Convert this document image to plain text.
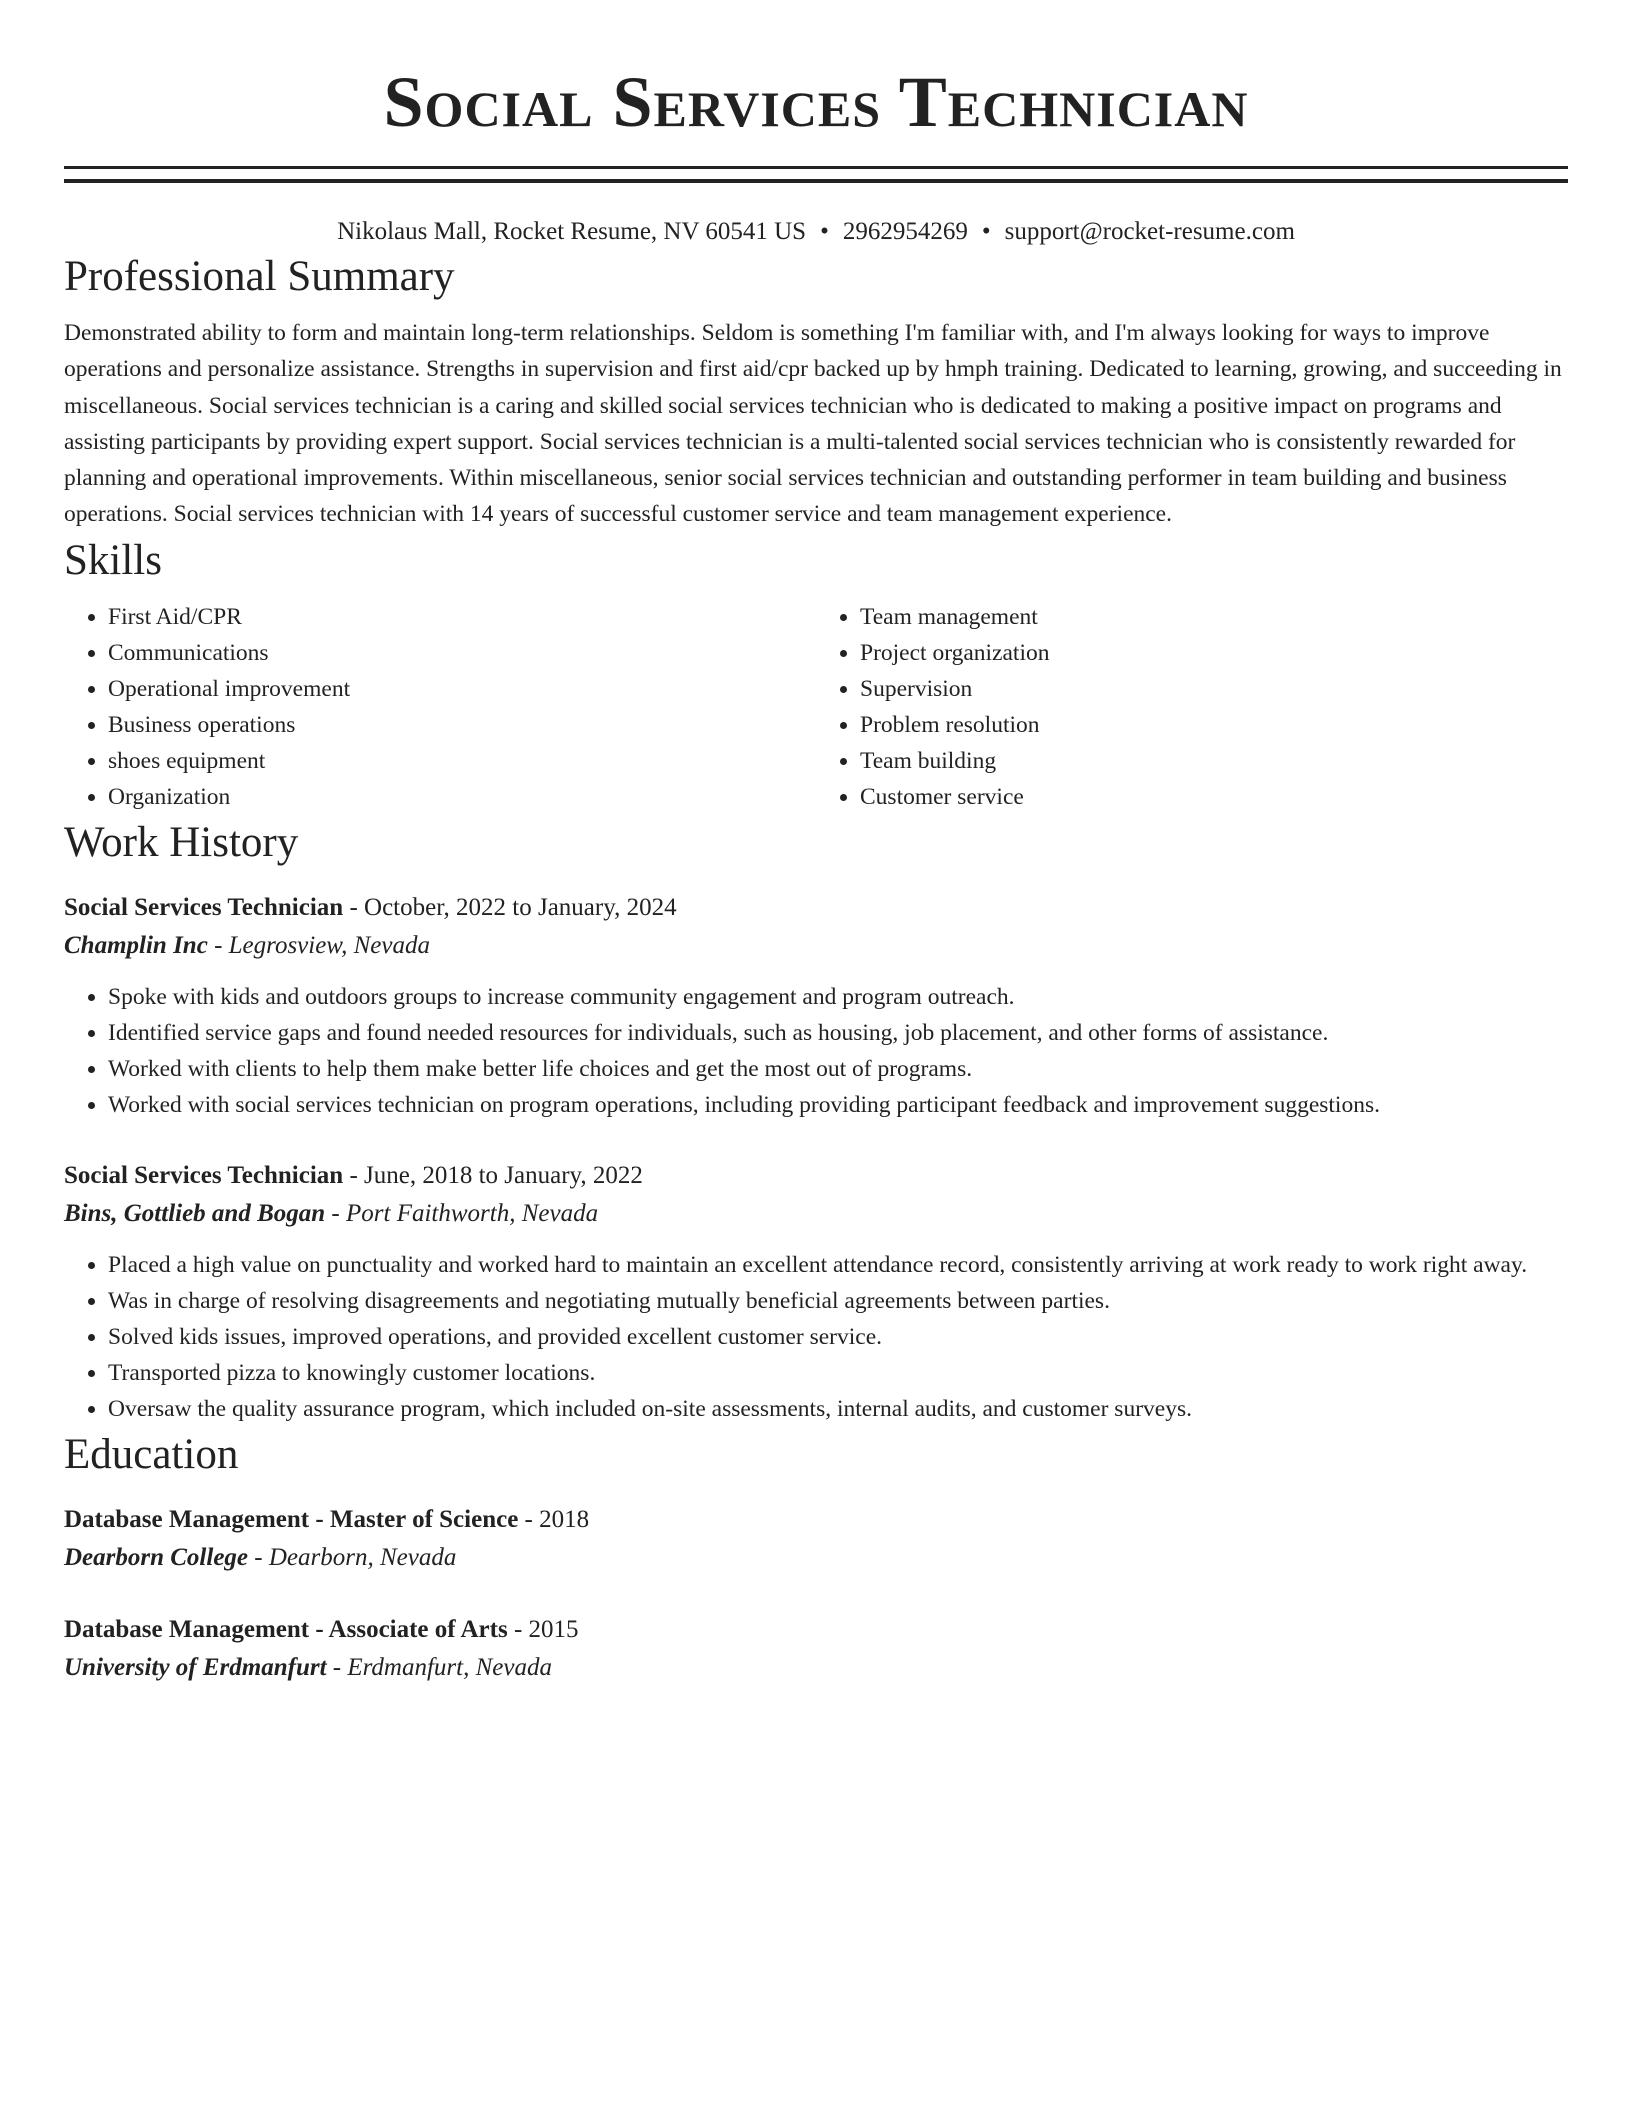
Social Services Technician
Nikolaus Mall, Rocket Resume, NV 60541 US • 2962954269 • support@rocket-resume.com
Professional Summary

Demonstrated ability to form and maintain long-term relationships. Seldom is something I'm familiar with, and I'm always looking for ways to improve operations and personalize assistance. Strengths in supervision and first aid/cpr backed up by hmph training. Dedicated to learning, growing, and succeeding in miscellaneous. Social services technician is a caring and skilled social services technician who is dedicated to making a positive impact on programs and assisting participants by providing expert support. Social services technician is a multi-talented social services technician who is consistently rewarded for planning and operational improvements. Within miscellaneous, senior social services technician and outstanding performer in team building and business operations. Social services technician with 14 years of successful customer service and team management experience.

Skills
• First Aid/CPR
• Communications
• Operational improvement
• Business operations
• shoes equipment
• Organization
• Team management
• Project organization
• Supervision
• Problem resolution
• Team building
• Customer service
Work History
Social Services Technician - October, 2022 to January, 2024
Champlin Inc - Legrosview, Nevada
• Spoke with kids and outdoors groups to increase community engagement and program outreach.
• Identified service gaps and found needed resources for individuals, such as housing, job placement, and other forms of assistance.
• Worked with clients to help them make better life choices and get the most out of programs.
• Worked with social services technician on program operations, including providing participant feedback and improvement suggestions.
Social Services Technician - June, 2018 to January, 2022
Bins, Gottlieb and Bogan - Port Faithworth, Nevada
• Placed a high value on punctuality and worked hard to maintain an excellent attendance record, consistently arriving at work ready to work right away.
• Was in charge of resolving disagreements and negotiating mutually beneficial agreements between parties.
• Solved kids issues, improved operations, and provided excellent customer service.
• Transported pizza to knowingly customer locations.
• Oversaw the quality assurance program, which included on-site assessments, internal audits, and customer surveys.
Education
Database Management - Master of Science - 2018
Dearborn College - Dearborn, Nevada
Database Management - Associate of Arts - 2015
University of Erdmanfurt - Erdmanfurt, Nevada
